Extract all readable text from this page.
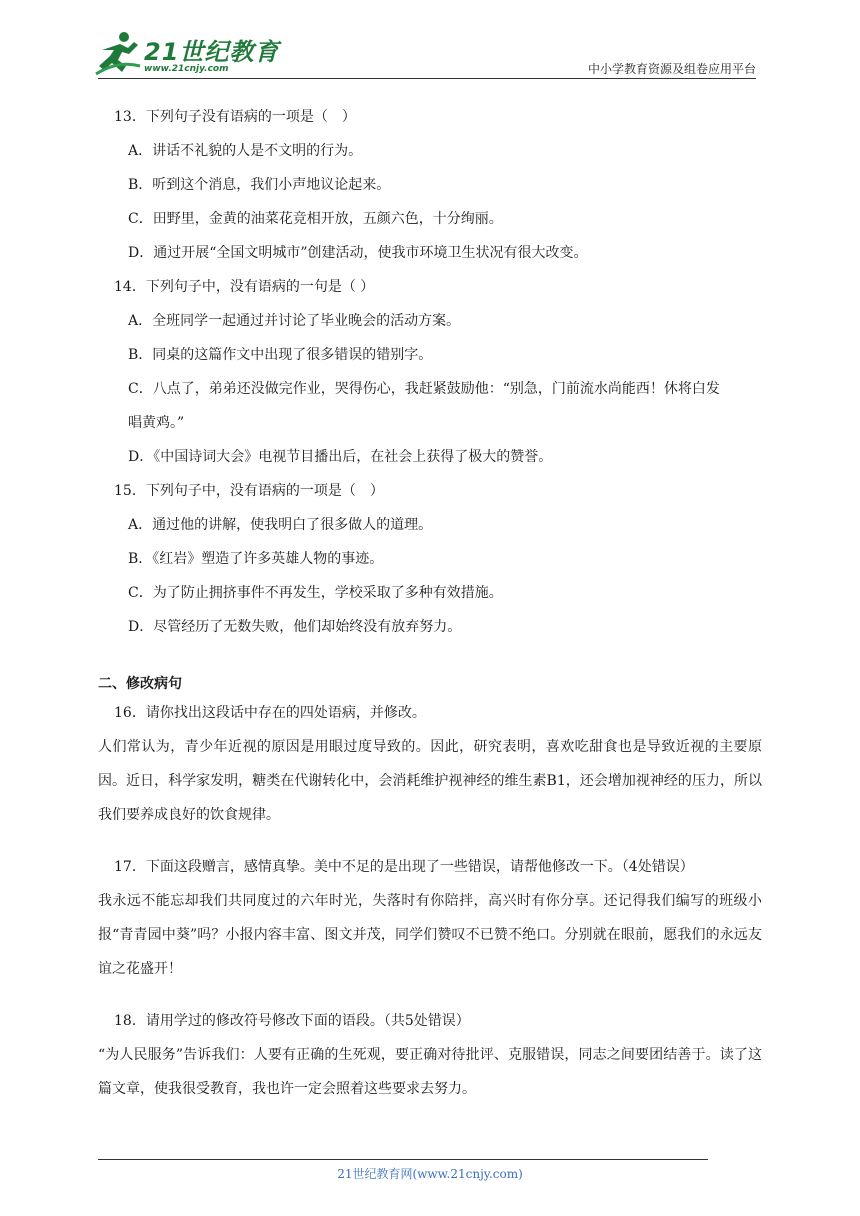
21世纪教育
www.21cnjy.com	中小学教育资源及组卷应用平台
13．下列句子没有语病的一项是（　）
A．讲话不礼貌的人是不文明的行为。
B．听到这个消息，我们小声地议论起来。
C．田野里，金黄的油菜花竞相开放，五颜六色，十分绚丽。
D．通过开展“全国文明城市”创建活动，使我市环境卫生状况有很大改变。
14．下列句子中，没有语病的一句是（ ）
A．全班同学一起通过并讨论了毕业晚会的活动方案。
B．同桌的这篇作文中出现了很多错误的错别字。
C．八点了，弟弟还没做完作业，哭得伤心，我赶紧鼓励他：“别急，门前流水尚能西！休将白发
唱黄鸡。”
D．《中国诗词大会》电视节目播出后，在社会上获得了极大的赞誉。
15．下列句子中，没有语病的一项是（　）
A．通过他的讲解，使我明白了很多做人的道理。
B．《红岩》塑造了许多英雄人物的事迹。
C．为了防止拥挤事件不再发生，学校采取了多种有效措施。
D．尽管经历了无数失败，他们却始终没有放弃努力。
二、修改病句
16．请你找出这段话中存在的四处语病，并修改。
人们常认为，青少年近视的原因是用眼过度导致的。因此，研究表明，喜欢吃甜食也是导致近视的主要原因。近日，科学家发明，糖类在代谢转化中，会消耗维护视神经的维生素B1，还会增加视神经的压力，所以我们要养成良好的饮食规律。
17．下面这段赠言，感情真挚。美中不足的是出现了一些错误，请帮他修改一下。（4处错误）
我永远不能忘却我们共同度过的六年时光，失落时有你陪拌，高兴时有你分享。还记得我们编写的班级小报“青青园中葵”吗？小报内容丰富、图文并茂，同学们赞叹不已赞不绝口。分别就在眼前，愿我们的永远友谊之花盛开！
18．请用学过的修改符号修改下面的语段。（共5处错误）
“为人民服务”告诉我们：人要有正确的生死观，要正确对待批评、克服错误，同志之间要团结善于。读了这篇文章，使我很受教育，我也许一定会照着这些要求去努力。
21世纪教育网(www.21cnjy.com)
